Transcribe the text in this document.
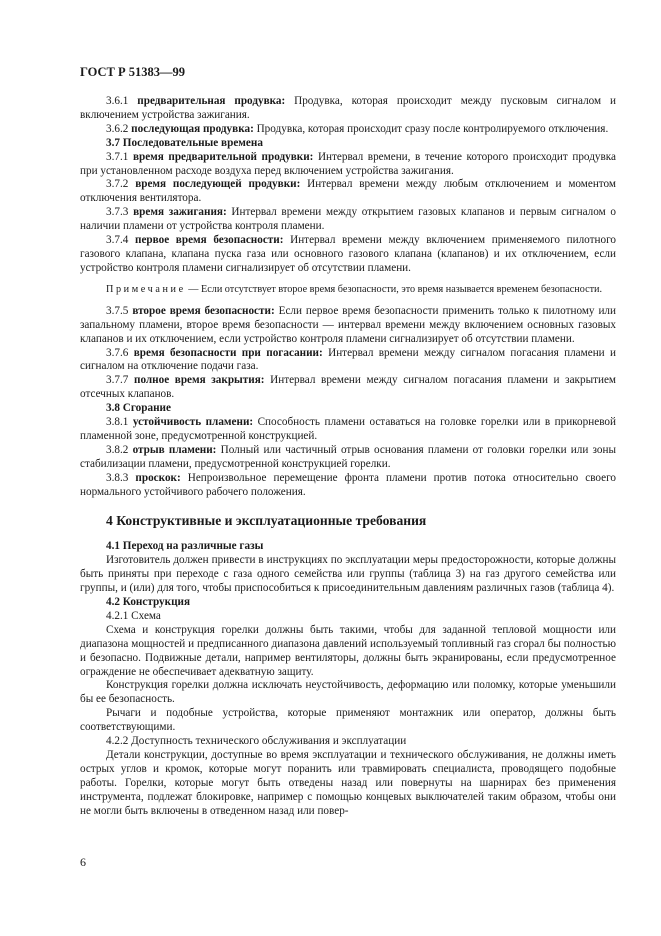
ГОСТ Р 51383—99

3.6.1 предварительная продувка: Продувка, которая происходит между пусковым сигналом и включением устройства зажигания.

3.6.2 последующая продувка: Продувка, которая происходит сразу после контролируемого отключения.

3.7 Последовательные времена

3.7.1 время предварительной продувки: Интервал времени, в течение которого происходит продувка при установленном расходе воздуха перед включением устройства зажигания.

3.7.2 время последующей продувки: Интервал времени между любым отключением и моментом отключения вентилятора.

3.7.3 время зажигания: Интервал времени между открытием газовых клапанов и первым сигналом о наличии пламени от устройства контроля пламени.

3.7.4 первое время безопасности: Интервал времени между включением применяемого пилотного газового клапана, клапана пуска газа или основного газового клапана (клапанов) и их отключением, если устройство контроля пламени сигнализирует об отсутствии пламени.

Примечание — Если отсутствует второе время безопасности, это время называется временем безопасности.

3.7.5 второе время безопасности: Если первое время безопасности применить только к пилотному или запальному пламени, второе время безопасности — интервал времени между включением основных газовых клапанов и их отключением, если устройство контроля пламени сигнализирует об отсутствии пламени.

3.7.6 время безопасности при погасании: Интервал времени между сигналом погасания пламени и сигналом на отключение подачи газа.

3.7.7 полное время закрытия: Интервал времени между сигналом погасания пламени и закрытием отсечных клапанов.

3.8 Сгорание

3.8.1 устойчивость пламени: Способность пламени оставаться на головке горелки или в прикорневой пламенной зоне, предусмотренной конструкцией.

3.8.2 отрыв пламени: Полный или частичный отрыв основания пламени от головки горелки или зоны стабилизации пламени, предусмотренной конструкцией горелки.

3.8.3 проскок: Непроизвольное перемещение фронта пламени против потока относительно своего нормального устойчивого рабочего положения.

4 Конструктивные и эксплуатационные требования

4.1 Переход на различные газы

Изготовитель должен привести в инструкциях по эксплуатации меры предосторожности, которые должны быть приняты при переходе с газа одного семейства или группы (таблица 3) на газ другого семейства или группы, и (или) для того, чтобы приспособиться к присоединительным давлениям различных газов (таблица 4).

4.2 Конструкция

4.2.1 Схема

Схема и конструкция горелки должны быть такими, чтобы для заданной тепловой мощности или диапазона мощностей и предписанного диапазона давлений используемый топливный газ сгорал бы полностью и безопасно. Подвижные детали, например вентиляторы, должны быть экранированы, если предусмотренное ограждение не обеспечивает адекватную защиту.

Конструкция горелки должна исключать неустойчивость, деформацию или поломку, которые уменьшили бы ее безопасность.

Рычаги и подобные устройства, которые применяют монтажник или оператор, должны быть соответствующими.

4.2.2 Доступность технического обслуживания и эксплуатации

Детали конструкции, доступные во время эксплуатации и технического обслуживания, не должны иметь острых углов и кромок, которые могут поранить или травмировать специалиста, проводящего подобные работы. Горелки, которые могут быть отведены назад или повернуты на шарнирах без применения инструмента, подлежат блокировке, например с помощью концевых выключателей таким образом, чтобы они не могли быть включены в отведенном назад или повер-

6
